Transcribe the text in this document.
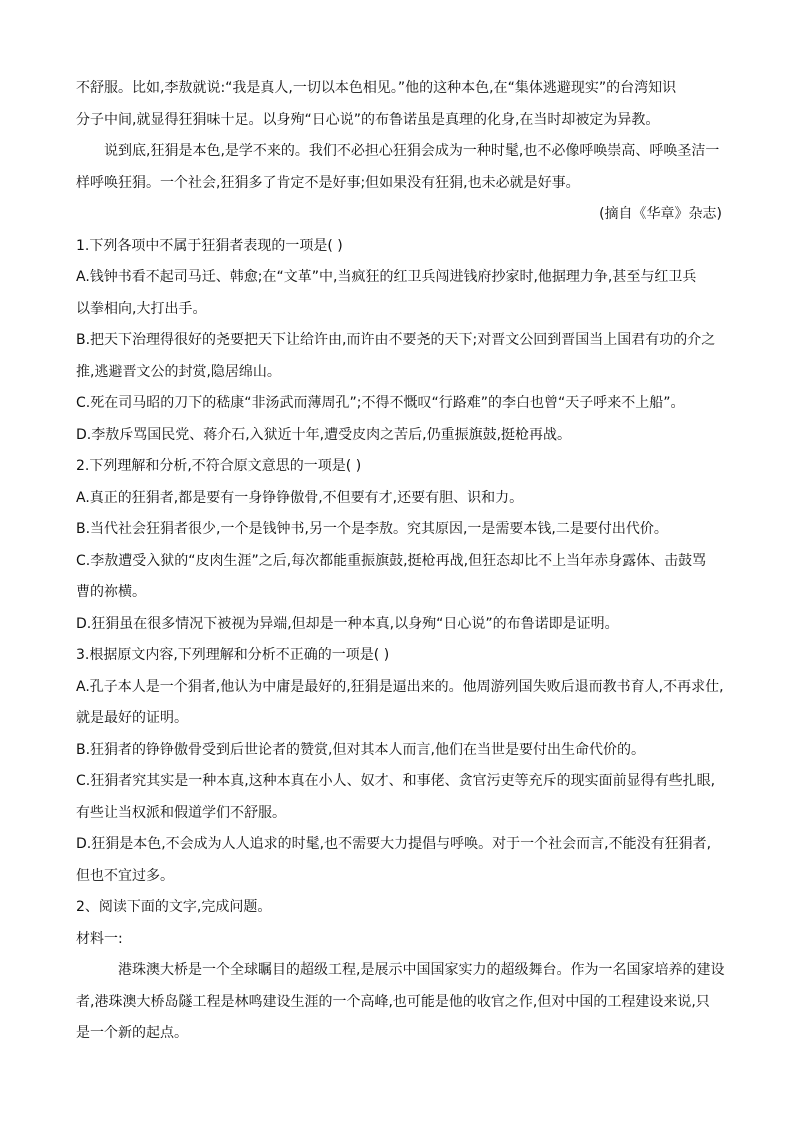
不舒服。比如,李敖就说:“我是真人,一切以本色相见。”他的这种本色,在“集体逃避现实”的台湾知识

分子中间,就显得狂狷味十足。以身殉“日心说”的布鲁诺虽是真理的化身,在当时却被定为异教。

说到底,狂狷是本色,是学不来的。我们不必担心狂狷会成为一种时髦,也不必像呼唤崇高、呼唤圣洁一

样呼唤狂狷。一个社会,狂狷多了肯定不是好事;但如果没有狂狷,也未必就是好事。

(摘自《华章》杂志)

1.下列各项中不属于狂狷者表现的一项是( )

A.钱钟书看不起司马迁、韩愈;在“文革”中,当疯狂的红卫兵闯进钱府抄家时,他据理力争,甚至与红卫兵

以拳相向,大打出手。

B.把天下治理得很好的尧要把天下让给许由,而许由不要尧的天下;对晋文公回到晋国当上国君有功的介之

推,逃避晋文公的封赏,隐居绵山。

C.死在司马昭的刀下的嵇康“非汤武而薄周孔”;不得不慨叹“行路难”的李白也曾“天子呼来不上船”。

D.李敖斥骂国民党、蒋介石,入狱近十年,遭受皮肉之苦后,仍重振旗鼓,挺枪再战。

2.下列理解和分析,不符合原文意思的一项是( )

A.真正的狂狷者,都是要有一身铮铮傲骨,不但要有才,还要有胆、识和力。

B.当代社会狂狷者很少,一个是钱钟书,另一个是李敖。究其原因,一是需要本钱,二是要付出代价。

C.李敖遭受入狱的“皮肉生涯”之后,每次都能重振旗鼓,挺枪再战,但狂态却比不上当年赤身露体、击鼓骂

曹的祢横。

D.狂狷虽在很多情况下被视为异端,但却是一种本真,以身殉“日心说”的布鲁诺即是证明。

3.根据原文内容,下列理解和分析不正确的一项是( )

A.孔子本人是一个狷者,他认为中庸是最好的,狂狷是逼出来的。他周游列国失败后退而教书育人,不再求仕,

就是最好的证明。

B.狂狷者的铮铮傲骨受到后世论者的赞赏,但对其本人而言,他们在当世是要付出生命代价的。

C.狂狷者究其实是一种本真,这种本真在小人、奴才、和事佬、贪官污吏等充斥的现实面前显得有些扎眼,

有些让当权派和假道学们不舒服。

D.狂狷是本色,不会成为人人追求的时髦,也不需要大力提倡与呼唤。对于一个社会而言,不能没有狂狷者,

但也不宜过多。

2、阅读下面的文字,完成问题。

材料一:

港珠澳大桥是一个全球瞩目的超级工程,是展示中国国家实力的超级舞台。作为一名国家培养的建设

者,港珠澳大桥岛隧工程是林鸣建设生涯的一个高峰,也可能是他的收官之作,但对中国的工程建设来说,只

是一个新的起点。
